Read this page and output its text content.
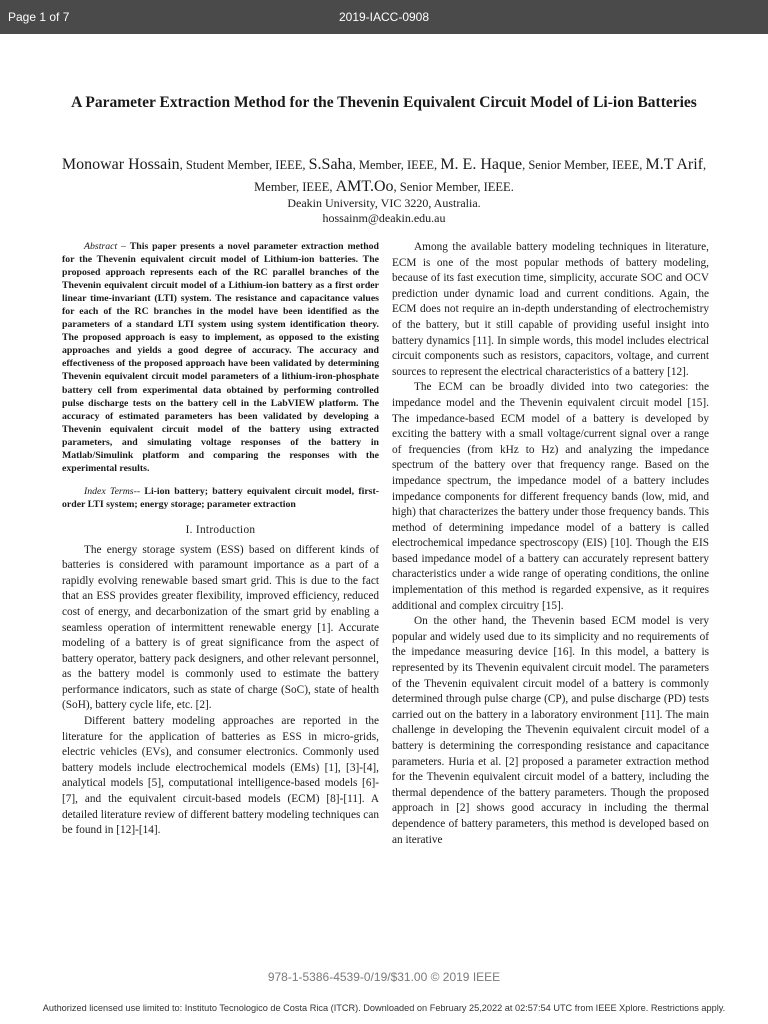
Page 1 of 7	2019-IACC-0908
A Parameter Extraction Method for the Thevenin Equivalent Circuit Model of Li-ion Batteries
Monowar Hossain, Student Member, IEEE, S.Saha, Member, IEEE, M. E. Haque, Senior Member, IEEE, M.T Arif, Member, IEEE, AMT.Oo, Senior Member, IEEE.
Deakin University, VIC 3220, Australia.
hossainm@deakin.edu.au

Abstract – This paper presents a novel parameter extraction method for the Thevenin equivalent circuit model of Lithium-ion batteries. The proposed approach represents each of the RC parallel branches of the Thevenin equivalent circuit model of a Lithium-ion battery as a first order linear time-invariant (LTI) system. The resistance and capacitance values for each of the RC branches in the model have been identified as the parameters of a standard LTI system using system identification theory. The proposed approach is easy to implement, as opposed to the existing approaches and yields a good degree of accuracy. The accuracy and effectiveness of the proposed approach have been validated by determining Thevenin equivalent circuit model parameters of a lithium-iron-phosphate battery cell from experimental data obtained by performing controlled pulse discharge tests on the battery cell in the LabVIEW platform. The accuracy of estimated parameters has been validated by developing a Thevenin equivalent circuit model of the battery using extracted parameters, and simulating voltage responses of the battery in Matlab/Simulink platform and comparing the responses with the experimental results.

Index Terms-- Li-ion battery; battery equivalent circuit model, first-order LTI system; energy storage; parameter extraction

I. Introduction

The energy storage system (ESS) based on different kinds of batteries is considered with paramount importance as a part of a rapidly evolving renewable based smart grid. This is due to the fact that an ESS provides greater flexibility, improved efficiency, reduced cost of energy, and decarbonization of the smart grid by enabling a seamless operation of intermittent renewable energy [1]. Accurate modeling of a battery is of great significance from the aspect of battery operator, battery pack designers, and other relevant personnel, as the battery model is commonly used to estimate the battery performance indicators, such as state of charge (SoC), state of health (SoH), battery cycle life, etc. [2].

Different battery modeling approaches are reported in the literature for the application of batteries as ESS in micro-grids, electric vehicles (EVs), and consumer electronics. Commonly used battery models include electrochemical models (EMs) [1], [3]-[4], analytical models [5], computational intelligence-based models [6]-[7], and the equivalent circuit-based models (ECM) [8]-[11]. A detailed literature review of different battery modeling techniques can be found in [12]-[14].

Among the available battery modeling techniques in literature, ECM is one of the most popular methods of battery modeling, because of its fast execution time, simplicity, accurate SOC and OCV prediction under dynamic load and current conditions. Again, the ECM does not require an in-depth understanding of electrochemistry of the battery, but it still capable of providing useful insight into battery dynamics [11]. In simple words, this model includes electrical circuit components such as resistors, capacitors, voltage, and current sources to represent the electrical characteristics of a battery [12].

The ECM can be broadly divided into two categories: the impedance model and the Thevenin equivalent circuit model [15]. The impedance-based ECM model of a battery is developed by exciting the battery with a small voltage/current signal over a range of frequencies (from kHz to Hz) and analyzing the impedance spectrum of the battery over that frequency range. Based on the impedance spectrum, the impedance model of a battery includes impedance components for different frequency bands (low, mid, and high) that characterizes the battery under those frequency bands. This method of determining impedance model of a battery is called electrochemical impedance spectroscopy (EIS) [10]. Though the EIS based impedance model of a battery can accurately represent battery characteristics under a wide range of operating conditions, the online implementation of this method is regarded expensive, as it requires additional and complex circuitry [15].

On the other hand, the Thevenin based ECM model is very popular and widely used due to its simplicity and no requirements of the impedance measuring device [16]. In this model, a battery is represented by its Thevenin equivalent circuit model. The parameters of the Thevenin equivalent circuit model of a battery is commonly determined through pulse charge (CP), and pulse discharge (PD) tests carried out on the battery in a laboratory environment [11]. The main challenge in developing the Thevenin equivalent circuit model of a battery is determining the corresponding resistance and capacitance parameters. Huria et al. [2] proposed a parameter extraction method for the Thevenin equivalent circuit model of a battery, including the thermal dependence of the battery parameters. Though the proposed approach in [2] shows good accuracy in including the thermal dependence of battery parameters, this method is developed based on an iterative

978-1-5386-4539-0/19/$31.00 © 2019 IEEE
Authorized licensed use limited to: Instituto Tecnologico de Costa Rica (ITCR). Downloaded on February 25,2022 at 02:57:54 UTC from IEEE Xplore. Restrictions apply.
